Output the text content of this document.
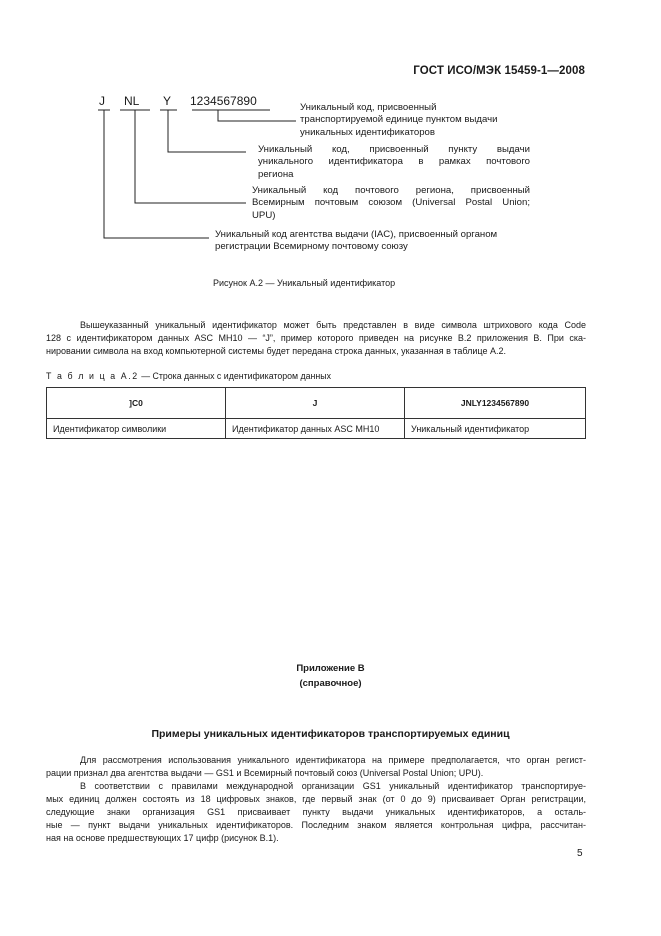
ГОСТ ИСО/МЭК 15459-1—2008
J NL Y 1234567890	Уникальный код, присвоенный
транспортируемой единице пунктом выдачи
уникальных идентификаторов
Уникальный код, присвоенный пункту выдачи
уникального идентификатора в рамках почтового
региона
Уникальный код почтового региона, присвоенный
Всемирным почтовым союзом (Universal Postal Union;
UPU)
Уникальный код агентства выдачи (IAC), присвоенный органом
регистрации Всемирному почтовому союзу
Рисунок А.2 — Уникальный идентификатор
Вышеуказанный уникальный идентификатор может быть представлен в виде символа штрихового кода Code
128 с идентификатором данных ASC MH10 — “J”, пример которого приведен на рисунке В.2 приложения В. При ска-
нировании символа на вход компьютерной системы будет передана строка данных, указанная в таблице А.2.
Т а б л и ц а А.2 — Строка данных с идентификатором данных
]C0	J	JNLY1234567890
Идентификатор символики	Идентификатор данных ASC MH10	Уникальный идентификатор
Приложение В
(справочное)
Примеры уникальных идентификаторов транспортируемых единиц
Для рассмотрения использования уникального идентификатора на примере предполагается, что орган регист-
рации признал два агентства выдачи — GS1 и Всемирный почтовый союз (Universal Postal Union; UPU).
В соответствии с правилами международной организации GS1 уникальный идентификатор транспортируе-
мых единиц должен состоять из 18 цифровых знаков, где первый знак (от 0 до 9) присваивает Орган регистрации,
следующие знаки организация GS1 присваивает пункту выдачи уникальных идентификаторов, а осталь-
ные — пункт выдачи уникальных идентификаторов. Последним знаком является контрольная цифра, рассчитан-
ная на основе предшествующих 17 цифр (рисунок В.1).
5
